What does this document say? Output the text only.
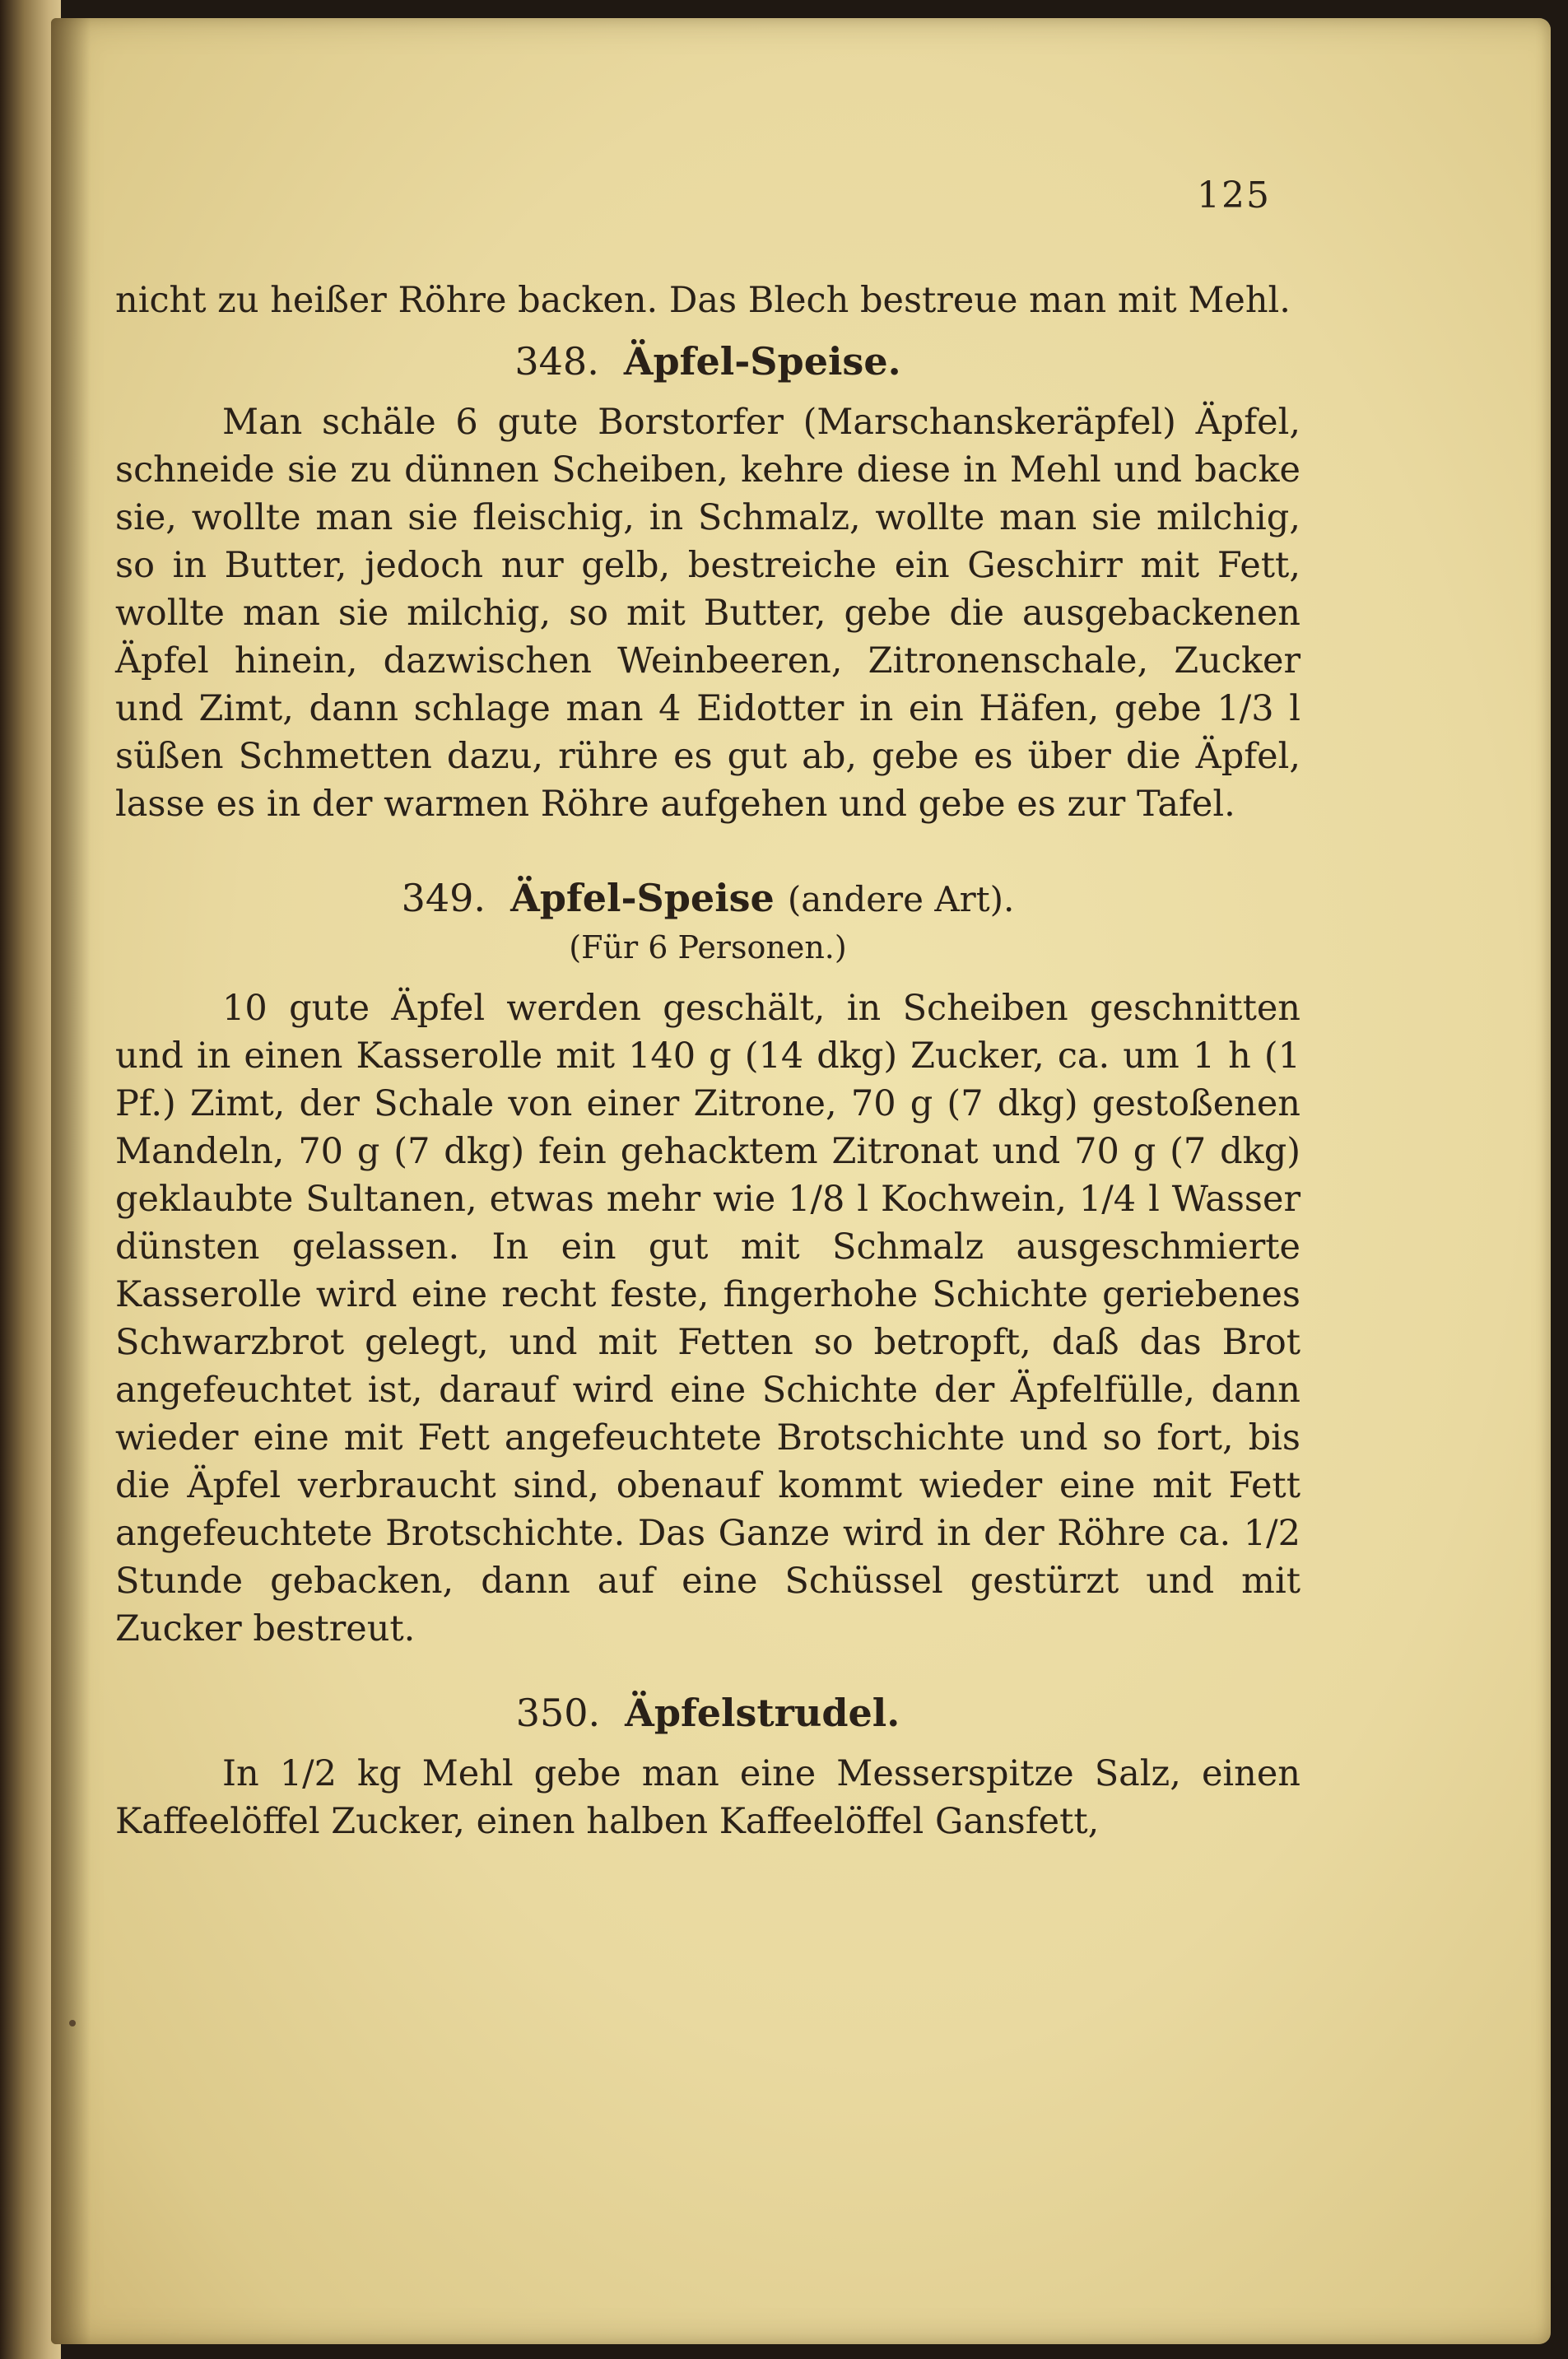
125

nicht zu heißer Röhre backen. Das Blech bestreue man mit Mehl.

348. Äpfel-Speise.

Man schäle 6 gute Borstorfer (Marschanskeräpfel) Äpfel, schneide sie zu dünnen Scheiben, kehre diese in Mehl und backe sie, wollte man sie fleischig, in Schmalz, wollte man sie milchig, so in Butter, jedoch nur gelb, bestreiche ein Geschirr mit Fett, wollte man sie milchig, so mit Butter, gebe die ausgebackenen Äpfel hinein, dazwischen Weinbeeren, Zitronenschale, Zucker und Zimt, dann schlage man 4 Eidotter in ein Häfen, gebe 1/3 l süßen Schmetten dazu, rühre es gut ab, gebe es über die Äpfel, lasse es in der warmen Röhre aufgehen und gebe es zur Tafel.

349. Äpfel-Speise (andere Art).

(Für 6 Personen.)

10 gute Äpfel werden geschält, in Scheiben geschnitten und in einen Kasserolle mit 140 g (14 dkg) Zucker, ca. um 1 h (1 Pf.) Zimt, der Schale von einer Zitrone, 70 g (7 dkg) gestoßenen Mandeln, 70 g (7 dkg) fein gehacktem Zitronat und 70 g (7 dkg) geklaubte Sultanen, etwas mehr wie 1/8 l Kochwein, 1/4 l Wasser dünsten gelassen. In ein gut mit Schmalz ausgeschmierte Kasserolle wird eine recht feste, fingerhohe Schichte geriebenes Schwarzbrot gelegt, und mit Fetten so betropft, daß das Brot angefeuchtet ist, darauf wird eine Schichte der Äpfelfülle, dann wieder eine mit Fett angefeuchtete Brotschichte und so fort, bis die Äpfel verbraucht sind, obenauf kommt wieder eine mit Fett angefeuchtete Brotschichte. Das Ganze wird in der Röhre ca. 1/2 Stunde gebacken, dann auf eine Schüssel gestürzt und mit Zucker bestreut.

350. Äpfelstrudel.

In 1/2 kg Mehl gebe man eine Messerspitze Salz, einen Kaffeelöffel Zucker, einen halben Kaffeelöffel Gansfett,
